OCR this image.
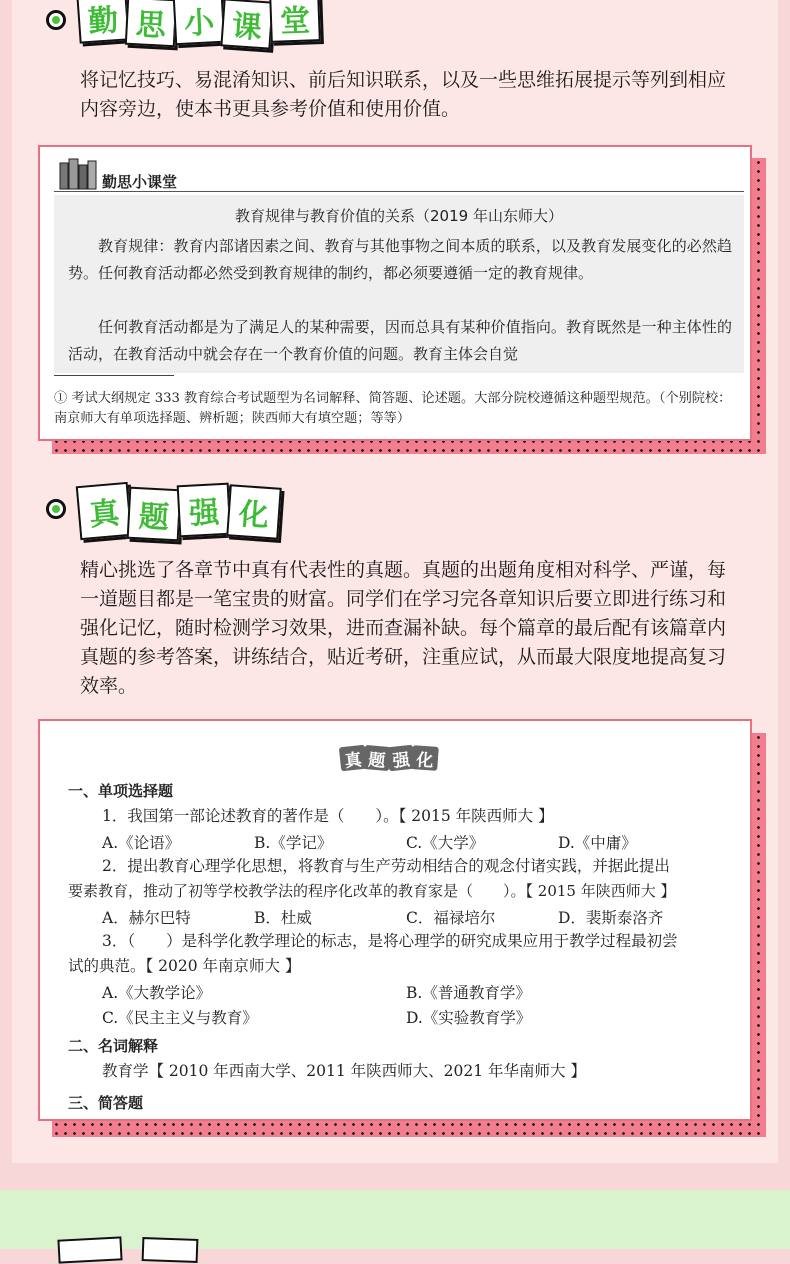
勤 思 小 课 堂

将记忆技巧、易混淆知识、前后知识联系，以及一些思维拓展提示等列到相应内容旁边，使本书更具参考价值和使用价值。

勤思小课堂
教育规律与教育价值的关系（2019 年山东师大）

教育规律：教育内部诸因素之间、教育与其他事物之间本质的联系，以及教育发展变化的必然趋势。任何教育活动都必然受到教育规律的制约，都必须要遵循一定的教育规律。

任何教育活动都是为了满足人的某种需要，因而总具有某种价值指向。教育既然是一种主体性的活动，在教育活动中就会存在一个教育价值的问题。教育主体会自觉

① 考试大纲规定 333 教育综合考试题型为名词解释、简答题、论述题。大部分院校遵循这种题型规范。（个别院校：南京师大有单项选择题、辨析题；陕西师大有填空题；等等）

真 题 强 化

精心挑选了各章节中真有代表性的真题。真题的出题角度相对科学、严谨，每一道题目都是一笔宝贵的财富。同学们在学习完各章知识后要立即进行练习和强化记忆，随时检测学习效果，进而查漏补缺。每个篇章的最后配有该篇章内真题的参考答案，讲练结合，贴近考研，注重应试，从而最大限度地提高复习效率。

真 题 强 化

一、单项选择题

1．我国第一部论述教育的著作是（　　）。【 2015 年陕西师大 】

A.《论语》	B.《学记》	C.《大学》	D.《中庸》

2．提出教育心理学化思想，将教育与生产劳动相结合的观念付诸实践，并据此提出

要素教育，推动了初等学校教学法的程序化改革的教育家是（　　）。【 2015 年陕西师大 】

A．赫尔巴特	B．杜威	C．福禄培尔	D．裴斯泰洛齐

3．（　　）是科学化教学理论的标志，是将心理学的研究成果应用于教学过程最初尝

试的典范。【 2020 年南京师大 】

A.《大教学论》	B.《普通教育学》
C.《民主主义与教育》	D.《实验教育学》

二、名词解释

教育学【 2010 年西南大学、2011 年陕西师大、2021 年华南师大 】

三、简答题
